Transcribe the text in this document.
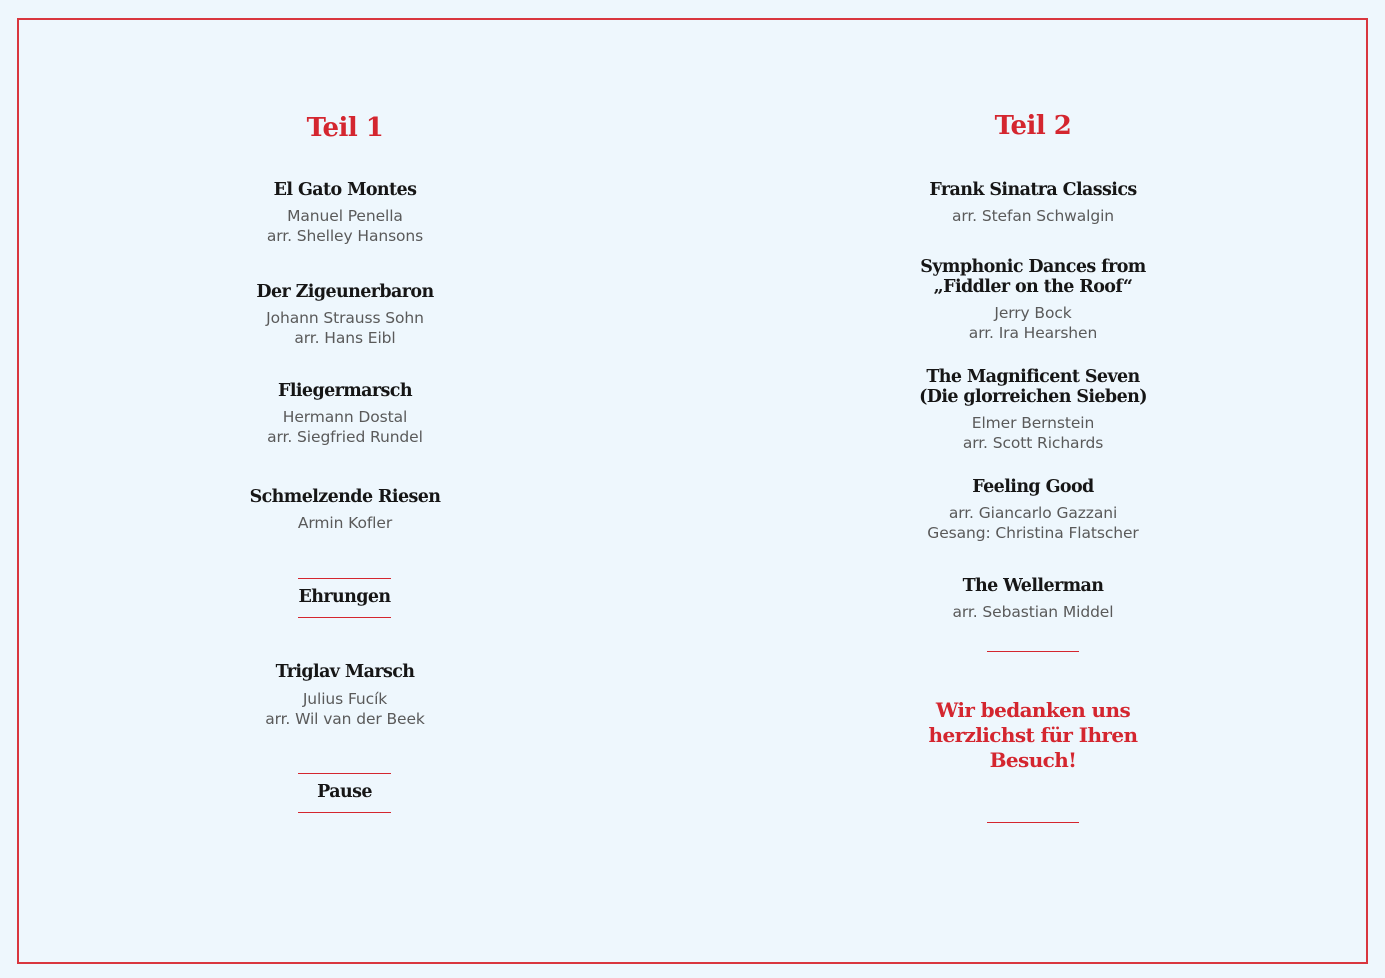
Teil 1
El Gato Montes
Manuel Penella
arr. Shelley Hansons
Der Zigeunerbaron
Johann Strauss Sohn
arr. Hans Eibl
Fliegermarsch
Hermann Dostal
arr. Siegfried Rundel
Schmelzende Riesen
Armin Kofler
Ehrungen
Triglav Marsch
Julius Fucík
arr. Wil van der Beek
Pause
Teil 2
Frank Sinatra Classics
arr. Stefan Schwalgin
Symphonic Dances from
„Fiddler on the Roof“
Jerry Bock
arr. Ira Hearshen
The Magnificent Seven
(Die glorreichen Sieben)
Elmer Bernstein
arr. Scott Richards
Feeling Good
arr. Giancarlo Gazzani
Gesang: Christina Flatscher
The Wellerman
arr. Sebastian Middel
Wir bedanken uns
herzlichst für Ihren
Besuch!
